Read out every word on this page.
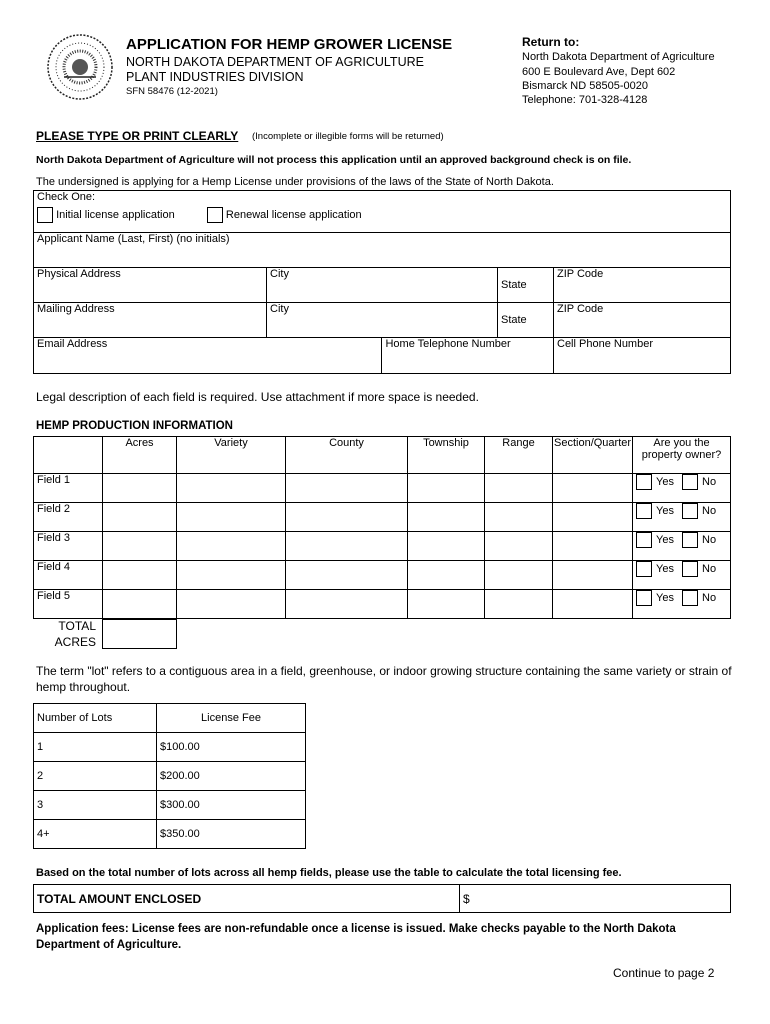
APPLICATION FOR HEMP GROWER LICENSE
NORTH DAKOTA DEPARTMENT OF AGRICULTURE
PLANT INDUSTRIES DIVISION
SFN 58476 (12-2021)
Return to:
North Dakota Department of Agriculture
600 E Boulevard Ave, Dept 602
Bismarck ND 58505-0020
Telephone: 701-328-4128
PLEASE TYPE OR PRINT CLEARLY (Incomplete or illegible forms will be returned)
North Dakota Department of Agriculture will not process this application until an approved background check is on file.
The undersigned is applying for a Hemp License under provisions of the laws of the State of North Dakota.
Check One:
Initial license application Renewal license application				

Applicant Name (Last, First) (no initials)				
Physical Address	City		State	ZIP Code
Mailing Address	City		State	ZIP Code
Email Address		Home Telephone Number		Cell Phone Number
Legal description of each field is required. Use attachment if more space is needed.
HEMP PRODUCTION INFORMATION
	Acres	Variety	County	Township	Range	Section/Quarter	Are you the property owner?
Field 1							Yes No
Field 2							Yes No
Field 3							Yes No
Field 4							Yes No
Field 5							Yes No
TOTAL
ACRES
The term "lot" refers to a contiguous area in a field, greenhouse, or indoor growing structure containing the same variety or strain of hemp throughout.
Number of Lots	License Fee
1	$100.00
2	$200.00
3	$300.00
4+	$350.00
Based on the total number of lots across all hemp fields, please use the table to calculate the total licensing fee.
TOTAL AMOUNT ENCLOSED	$
Application fees: License fees are non-refundable once a license is issued. Make checks payable to the North Dakota Department of Agriculture.
Continue to page 2
